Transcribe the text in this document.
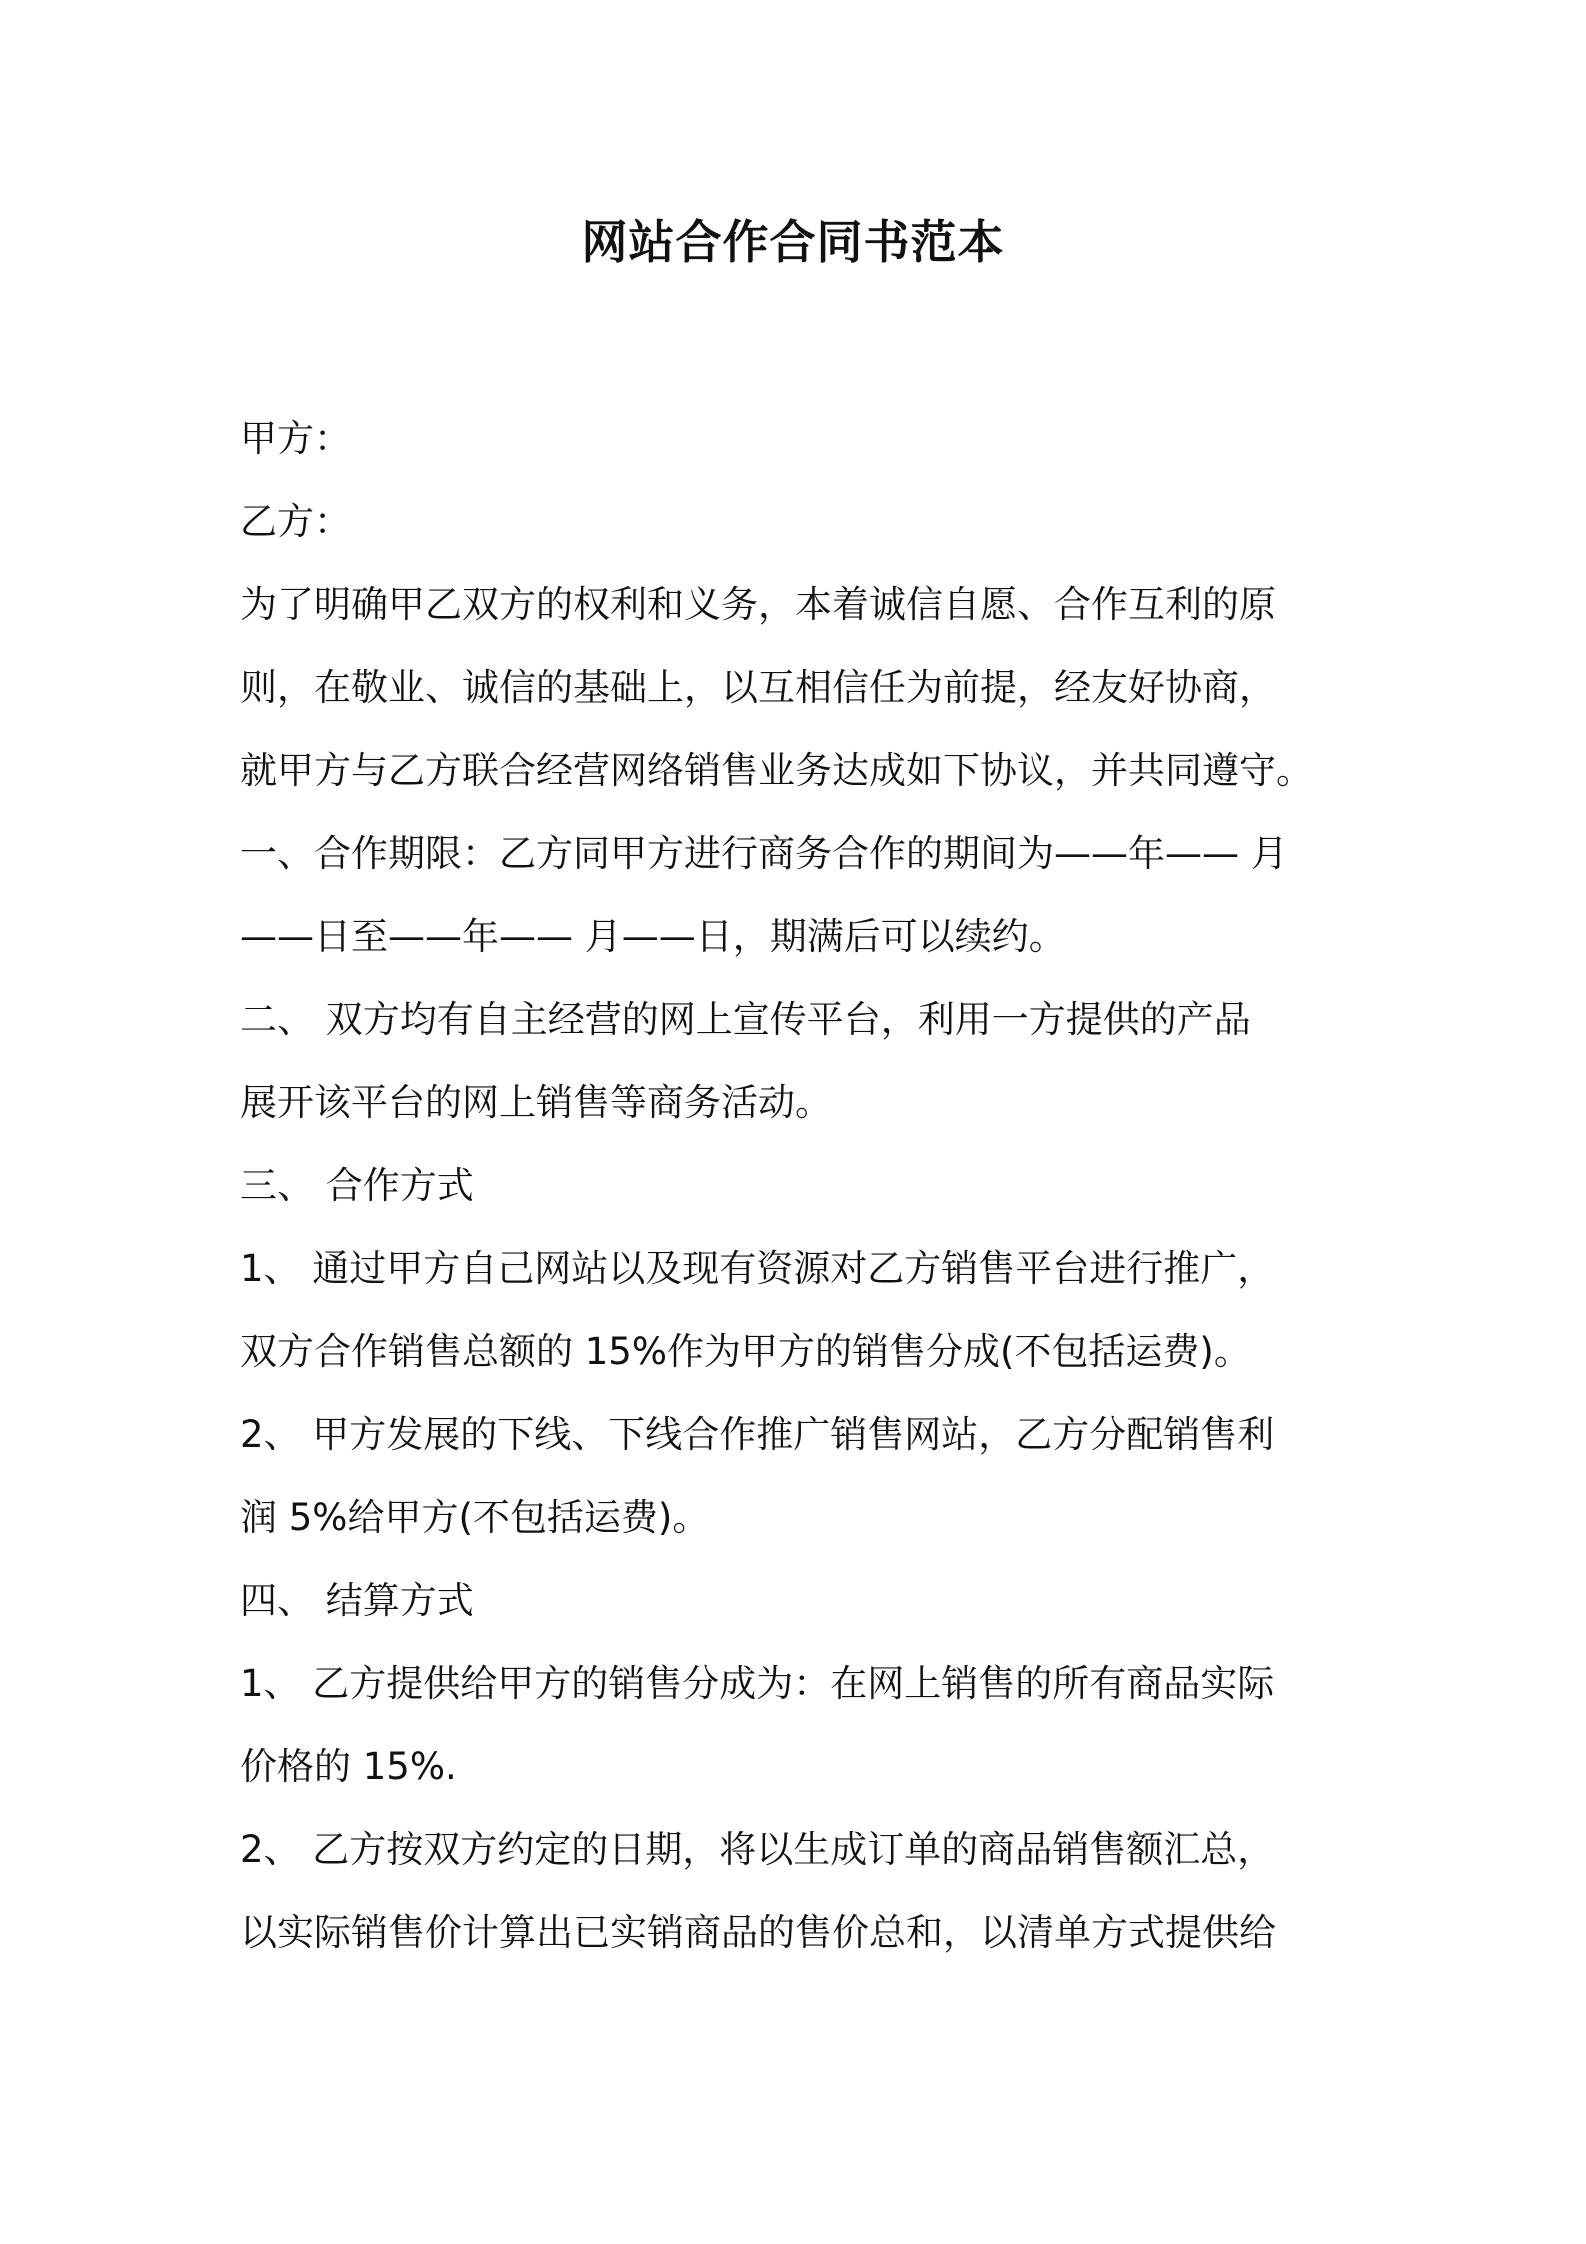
网站合作合同书范本
甲方：
乙方：
为了明确甲乙双方的权利和义务，本着诚信自愿、合作互利的原
则，在敬业、诚信的基础上，以互相信任为前提，经友好协商，
就甲方与乙方联合经营网络销售业务达成如下协议，并共同遵守。
一、合作期限：乙方同甲方进行商务合作的期间为——年—— 月
——日至——年—— 月——日，期满后可以续约。
二、 双方均有自主经营的网上宣传平台，利用一方提供的产品
展开该平台的网上销售等商务活动。
三、 合作方式
1、 通过甲方自己网站以及现有资源对乙方销售平台进行推广，
双方合作销售总额的 15%作为甲方的销售分成(不包括运费)。
2、 甲方发展的下线、下线合作推广销售网站，乙方分配销售利
润 5%给甲方(不包括运费)。
四、 结算方式
1、 乙方提供给甲方的销售分成为：在网上销售的所有商品实际
价格的 15%.
2、 乙方按双方约定的日期，将以生成订单的商品销售额汇总，
以实际销售价计算出已实销商品的售价总和，以清单方式提供给
